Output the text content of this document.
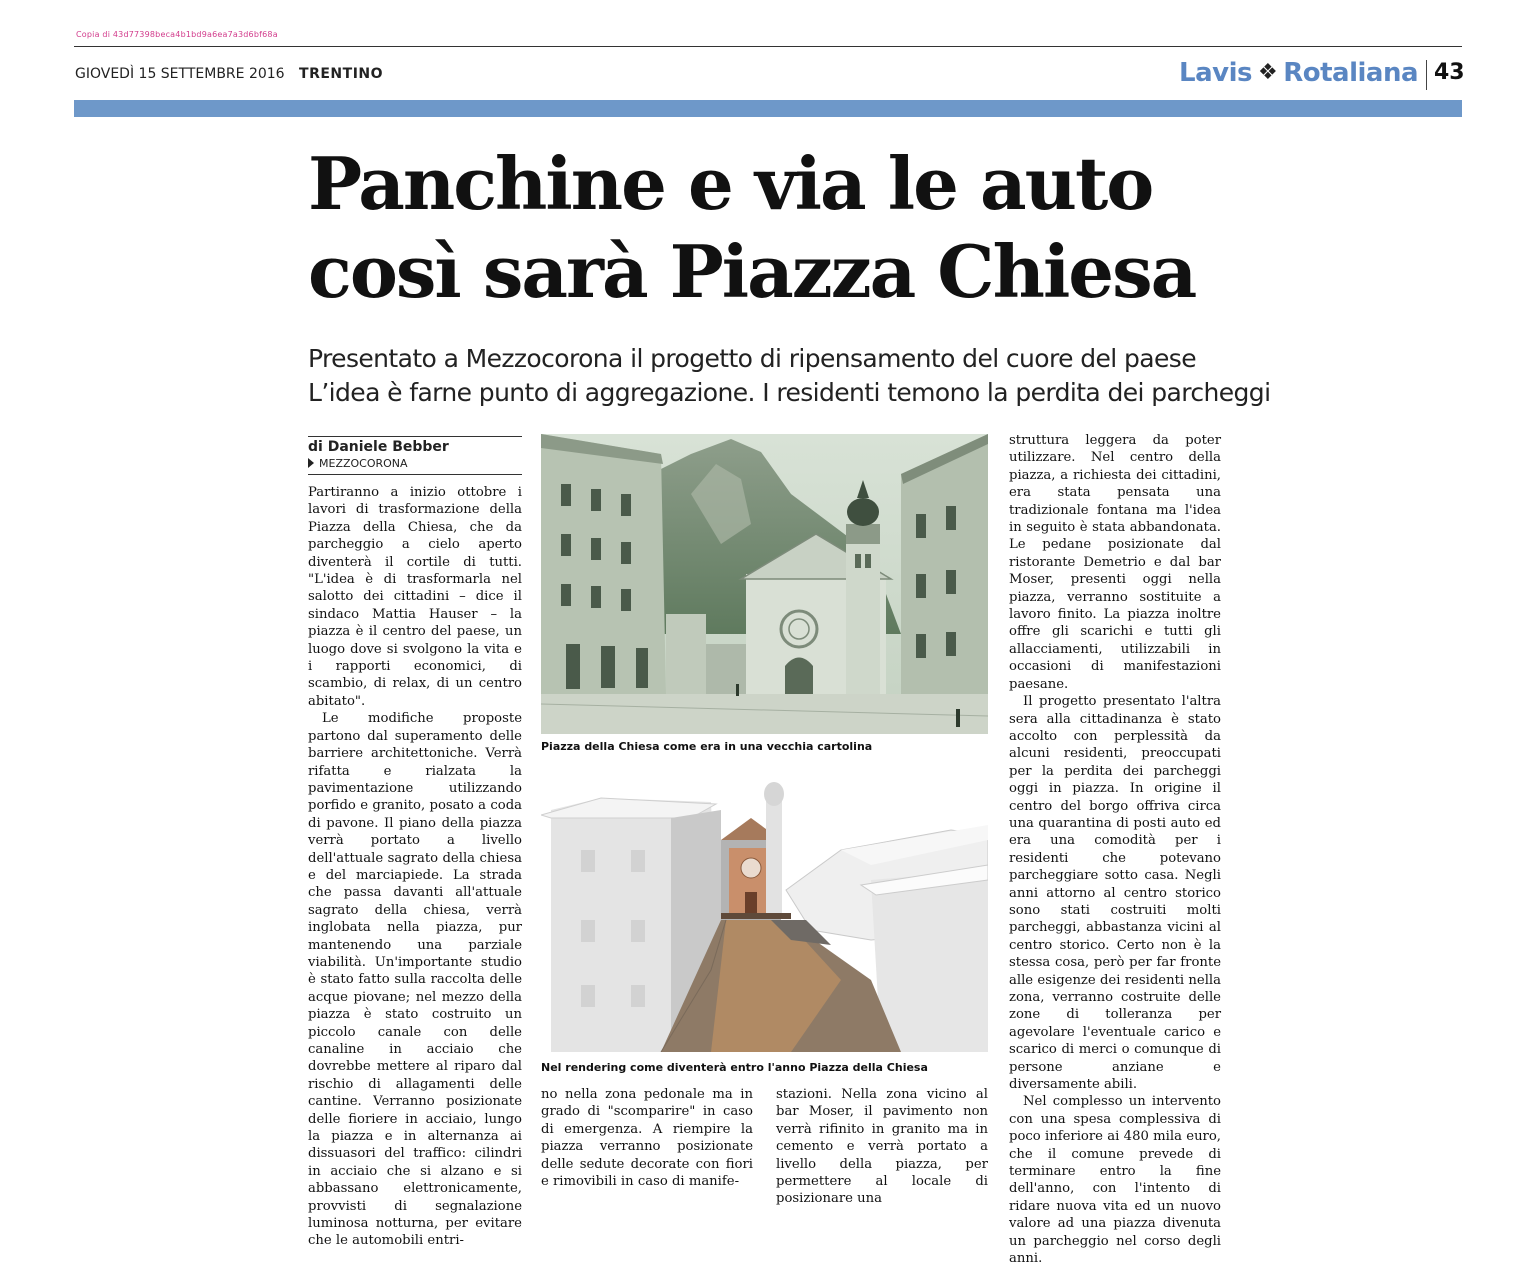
Copia di 43d77398beca4b1bd9a6ea7a3d6bf68a
GIOVEDÌ 15 SETTEMBRE 2016 TRENTINO	Lavis ❖ Rotaliana 43
Panchine e via le auto
così sarà Piazza Chiesa
Presentato a Mezzocorona il progetto di ripensamento del cuore del paese
L’idea è farne punto di aggregazione. I residenti temono la perdita dei parcheggi
di Daniele Bebber
MEZZOCORONA

Partiranno a inizio ottobre i lavori di trasformazione della Piazza della Chiesa, che da parcheggio a cielo aperto diventerà il cortile di tutti. "L'idea è di trasformarla nel salotto dei cittadini – dice il sindaco Mattia Hauser – la piazza è il centro del paese, un luogo dove si svolgono la vita e i rapporti economici, di scambio, di relax, di un centro abitato".

Le modifiche proposte partono dal superamento delle barriere architettoniche. Verrà rifatta e rialzata la pavimentazione utilizzando porfido e granito, posato a coda di pavone. Il piano della piazza verrà portato a livello dell'attuale sagrato della chiesa e del marciapiede. La strada che passa davanti all'attuale sagrato della chiesa, verrà inglobata nella piazza, pur mantenendo una parziale viabilità. Un'importante studio è stato fatto sulla raccolta delle acque piovane; nel mezzo della piazza è stato costruito un piccolo canale con delle canaline in acciaio che dovrebbe mettere al riparo dal rischio di allagamenti delle cantine. Verranno posizionate delle fioriere in acciaio, lungo la piazza e in alternanza ai dissuasori del traffico: cilindri in acciaio che si alzano e si abbassano elettronicamente, provvisti di segnalazione luminosa notturna, per evitare che le automobili entri-

Piazza della Chiesa come era in una vecchia cartolina
Nel rendering come diventerà entro l'anno Piazza della Chiesa

no nella zona pedonale ma in grado di "scomparire" in caso di emergenza. A riempire la piazza verranno posizionate delle sedute decorate con fiori e rimovibili in caso di manife-

stazioni. Nella zona vicino al bar Moser, il pavimento non verrà rifinito in granito ma in cemento e verrà portato a livello della piazza, per permettere al locale di posizionare una

struttura leggera da poter utilizzare. Nel centro della piazza, a richiesta dei cittadini, era stata pensata una tradizionale fontana ma l'idea in seguito è stata abbandonata. Le pedane posizionate dal ristorante Demetrio e dal bar Moser, presenti oggi nella piazza, verranno sostituite a lavoro finito. La piazza inoltre offre gli scarichi e tutti gli allacciamenti, utilizzabili in occasioni di manifestazioni paesane.

Il progetto presentato l'altra sera alla cittadinanza è stato accolto con perplessità da alcuni residenti, preoccupati per la perdita dei parcheggi oggi in piazza. In origine il centro del borgo offriva circa una quarantina di posti auto ed era una comodità per i residenti che potevano parcheggiare sotto casa. Negli anni attorno al centro storico sono stati costruiti molti parcheggi, abbastanza vicini al centro storico. Certo non è la stessa cosa, però per far fronte alle esigenze dei residenti nella zona, verranno costruite delle zone di tolleranza per agevolare l'eventuale carico e scarico di merci o comunque di persone anziane e diversamente abili.

Nel complesso un intervento con una spesa complessiva di poco inferiore ai 480 mila euro, che il comune prevede di terminare entro la fine dell'anno, con l'intento di ridare nuova vita ed un nuovo valore ad una piazza divenuta un parcheggio nel corso degli anni.
